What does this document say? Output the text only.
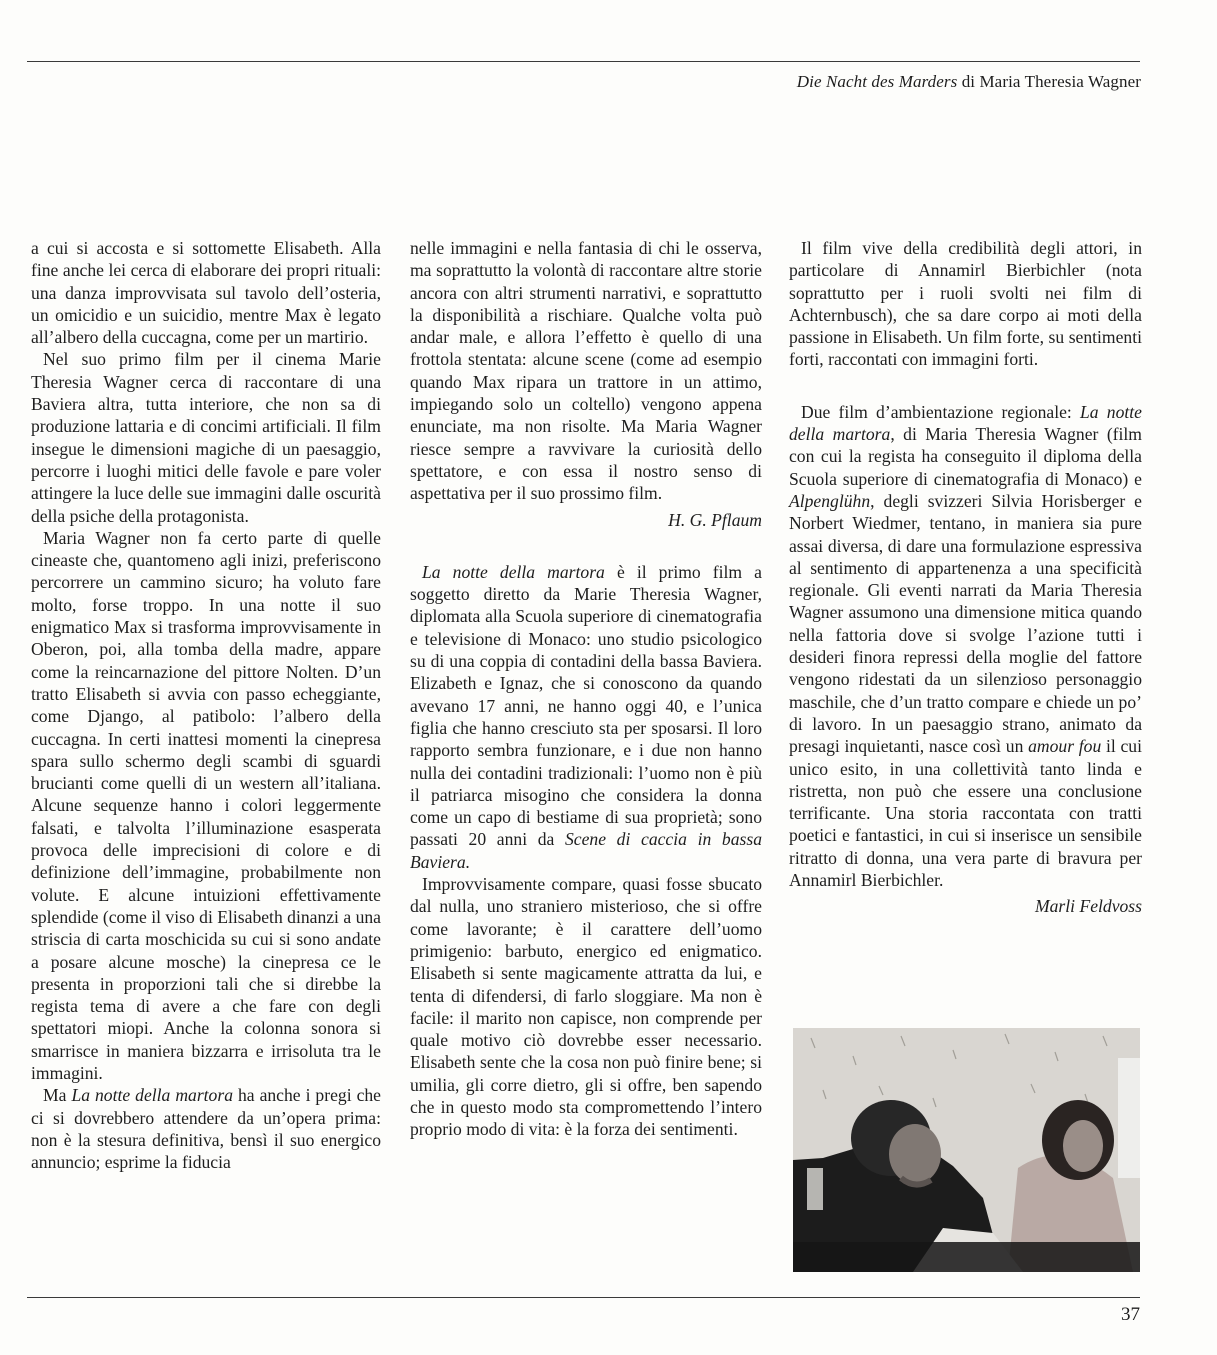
Die Nacht des Marders di Maria Theresia Wagner

a cui si accosta e si sottomette Elisabeth. Alla fine anche lei cerca di elaborare dei propri rituali: una danza improvvisata sul tavolo dell’osteria, un omicidio e un suicidio, mentre Max è legato all’albero della cuccagna, come per un martirio.

Nel suo primo film per il cinema Marie Theresia Wagner cerca di raccontare di una Baviera altra, tutta interiore, che non sa di produzione lattaria e di concimi artificiali. Il film insegue le dimensioni magiche di un paesaggio, percorre i luoghi mitici delle favole e pare voler attingere la luce delle sue immagini dalle oscurità della psiche della protagonista.

Maria Wagner non fa certo parte di quelle cineaste che, quantomeno agli inizi, preferiscono percorrere un cammino sicuro; ha voluto fare molto, forse troppo. In una notte il suo enigmatico Max si trasforma improvvisamente in Oberon, poi, alla tomba della madre, appare come la reincarnazione del pittore Nolten. D’un tratto Elisabeth si avvia con passo echeggiante, come Django, al patibolo: l’albero della cuccagna. In certi inattesi momenti la cinepresa spara sullo schermo degli scambi di sguardi brucianti come quelli di un western all’italiana. Alcune sequenze hanno i colori leggermente falsati, e talvolta l’illuminazione esasperata provoca delle imprecisioni di colore e di definizione dell’immagine, probabilmente non volute. E alcune intuizioni effettivamente splendide (come il viso di Elisabeth dinanzi a una striscia di carta moschicida su cui si sono andate a posare alcune mosche) la cinepresa ce le presenta in proporzioni tali che si direbbe la regista tema di avere a che fare con degli spettatori miopi. Anche la colonna sonora si smarrisce in maniera bizzarra e irrisoluta tra le immagini.

Ma La notte della martora ha anche i pregi che ci si dovrebbero attendere da un’opera prima: non è la stesura definitiva, bensì il suo energico annuncio; esprime la fiducia

nelle immagini e nella fantasia di chi le osserva, ma soprattutto la volontà di raccontare altre storie ancora con altri strumenti narrativi, e soprattutto la disponibilità a rischiare. Qualche volta può andar male, e allora l’effetto è quello di una frottola stentata: alcune scene (come ad esempio quando Max ripara un trattore in un attimo, impiegando solo un coltello) vengono appena enunciate, ma non risolte. Ma Maria Wagner riesce sempre a ravvivare la curiosità dello spettatore, e con essa il nostro senso di aspettativa per il suo prossimo film.

H. G. Pflaum

La notte della martora è il primo film a soggetto diretto da Marie Theresia Wagner, diplomata alla Scuola superiore di cinematografia e televisione di Monaco: uno studio psicologico su di una coppia di contadini della bassa Baviera. Elizabeth e Ignaz, che si conoscono da quando avevano 17 anni, ne hanno oggi 40, e l’unica figlia che hanno cresciuto sta per sposarsi. Il loro rapporto sembra funzionare, e i due non hanno nulla dei contadini tradizionali: l’uomo non è più il patriarca misogino che considera la donna come un capo di bestiame di sua proprietà; sono passati 20 anni da Scene di caccia in bassa Baviera.

Improvvisamente compare, quasi fosse sbucato dal nulla, uno straniero misterioso, che si offre come lavorante; è il carattere dell’uomo primigenio: barbuto, energico ed enigmatico. Elisabeth si sente magicamente attratta da lui, e tenta di difendersi, di farlo sloggiare. Ma non è facile: il marito non capisce, non comprende per quale motivo ciò dovrebbe esser necessario. Elisabeth sente che la cosa non può finire bene; si umilia, gli corre dietro, gli si offre, ben sapendo che in questo modo sta compromettendo l’intero proprio modo di vita: è la forza dei sentimenti.

Il film vive della credibilità degli attori, in particolare di Annamirl Bierbichler (nota soprattutto per i ruoli svolti nei film di Achternbusch), che sa dare corpo ai moti della passione in Elisabeth. Un film forte, su sentimenti forti, raccontati con immagini forti.

Due film d’ambientazione regionale: La notte della martora, di Maria Theresia Wagner (film con cui la regista ha conseguito il diploma della Scuola superiore di cinematografia di Monaco) e Alpenglühn, degli svizzeri Silvia Horisberger e Norbert Wiedmer, tentano, in maniera sia pure assai diversa, di dare una formulazione espressiva al sentimento di appartenenza a una specificità regionale. Gli eventi narrati da Maria Theresia Wagner assumono una dimensione mitica quando nella fattoria dove si svolge l’azione tutti i desideri finora repressi della moglie del fattore vengono ridestati da un silenzioso personaggio maschile, che d’un tratto compare e chiede un po’ di lavoro. In un paesaggio strano, animato da presagi inquietanti, nasce così un amour fou il cui unico esito, in una collettività tanto linda e ristretta, non può che essere una conclusione terrificante. Una storia raccontata con tratti poetici e fantastici, in cui si inserisce un sensibile ritratto di donna, una vera parte di bravura per Annamirl Bierbichler.

Marli Feldvoss

37
